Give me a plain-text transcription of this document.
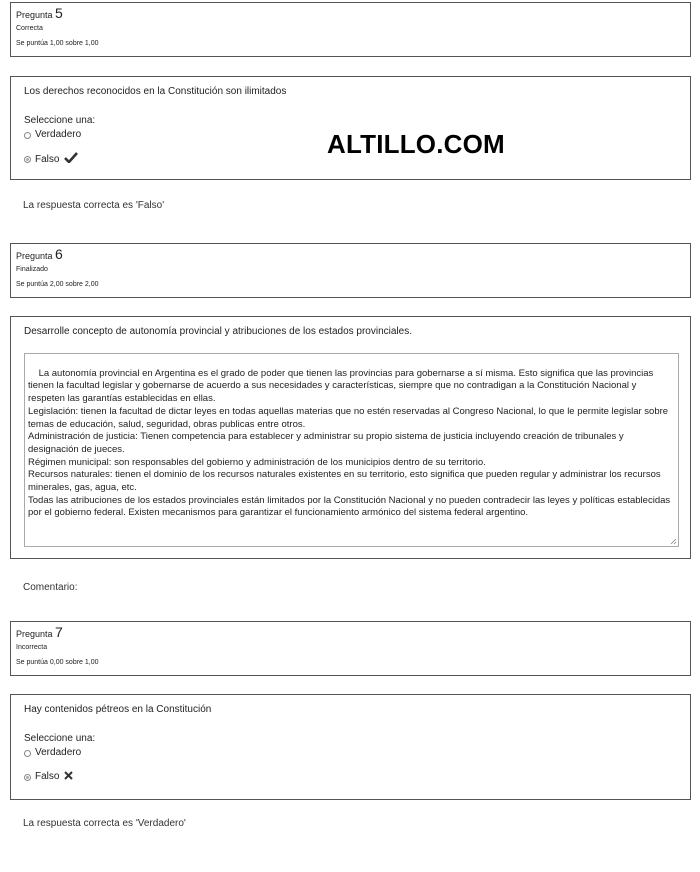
Pregunta 5
Correcta
Se puntúa 1,00 sobre 1,00
Los derechos reconocidos en la Constitución son ilimitados
Seleccione una:
Verdadero
Falso	ALTILLO.COM
La respuesta correcta es 'Falso'
Pregunta 6
Finalizado
Se puntúa 2,00 sobre 2,00
Desarrolle concepto de autonomía provincial y atribuciones de los estados provinciales.

La autonomía provincial en Argentina es el grado de poder que tienen las provincias para gobernarse a sí misma. Esto significa que las provincias tienen la facultad legislar y gobernarse de acuerdo a sus necesidades y características, siempre que no contradigan a la Constitución Nacional y respeten las garantías establecidas en ellas.
Legislación: tienen la facultad de dictar leyes en todas aquellas materias que no estén reservadas al Congreso Nacional, lo que le permite legislar sobre temas de educación, salud, seguridad, obras publicas entre otros.
Administración de justicia: Tienen competencia para establecer y administrar su propio sistema de justicia incluyendo creación de tribunales y designación de jueces.
Régimen municipal: son responsables del gobierno y administración de los municipios dentro de su territorio.
Recursos naturales: tienen el dominio de los recursos naturales existentes en su territorio, esto significa que pueden regular y administrar los recursos minerales, gas, agua, etc.
Todas las atribuciones de los estados provinciales están limitados por la Constitución Nacional y no pueden contradecir las leyes y políticas establecidas por el gobierno federal. Existen mecanismos para garantizar el funcionamiento armónico del sistema federal argentino.

Comentario:
Pregunta 7
Incorrecta
Se puntúa 0,00 sobre 1,00
Hay contenidos pétreos en la Constitución
Seleccione una:
Verdadero
Falso
La respuesta correcta es 'Verdadero'
